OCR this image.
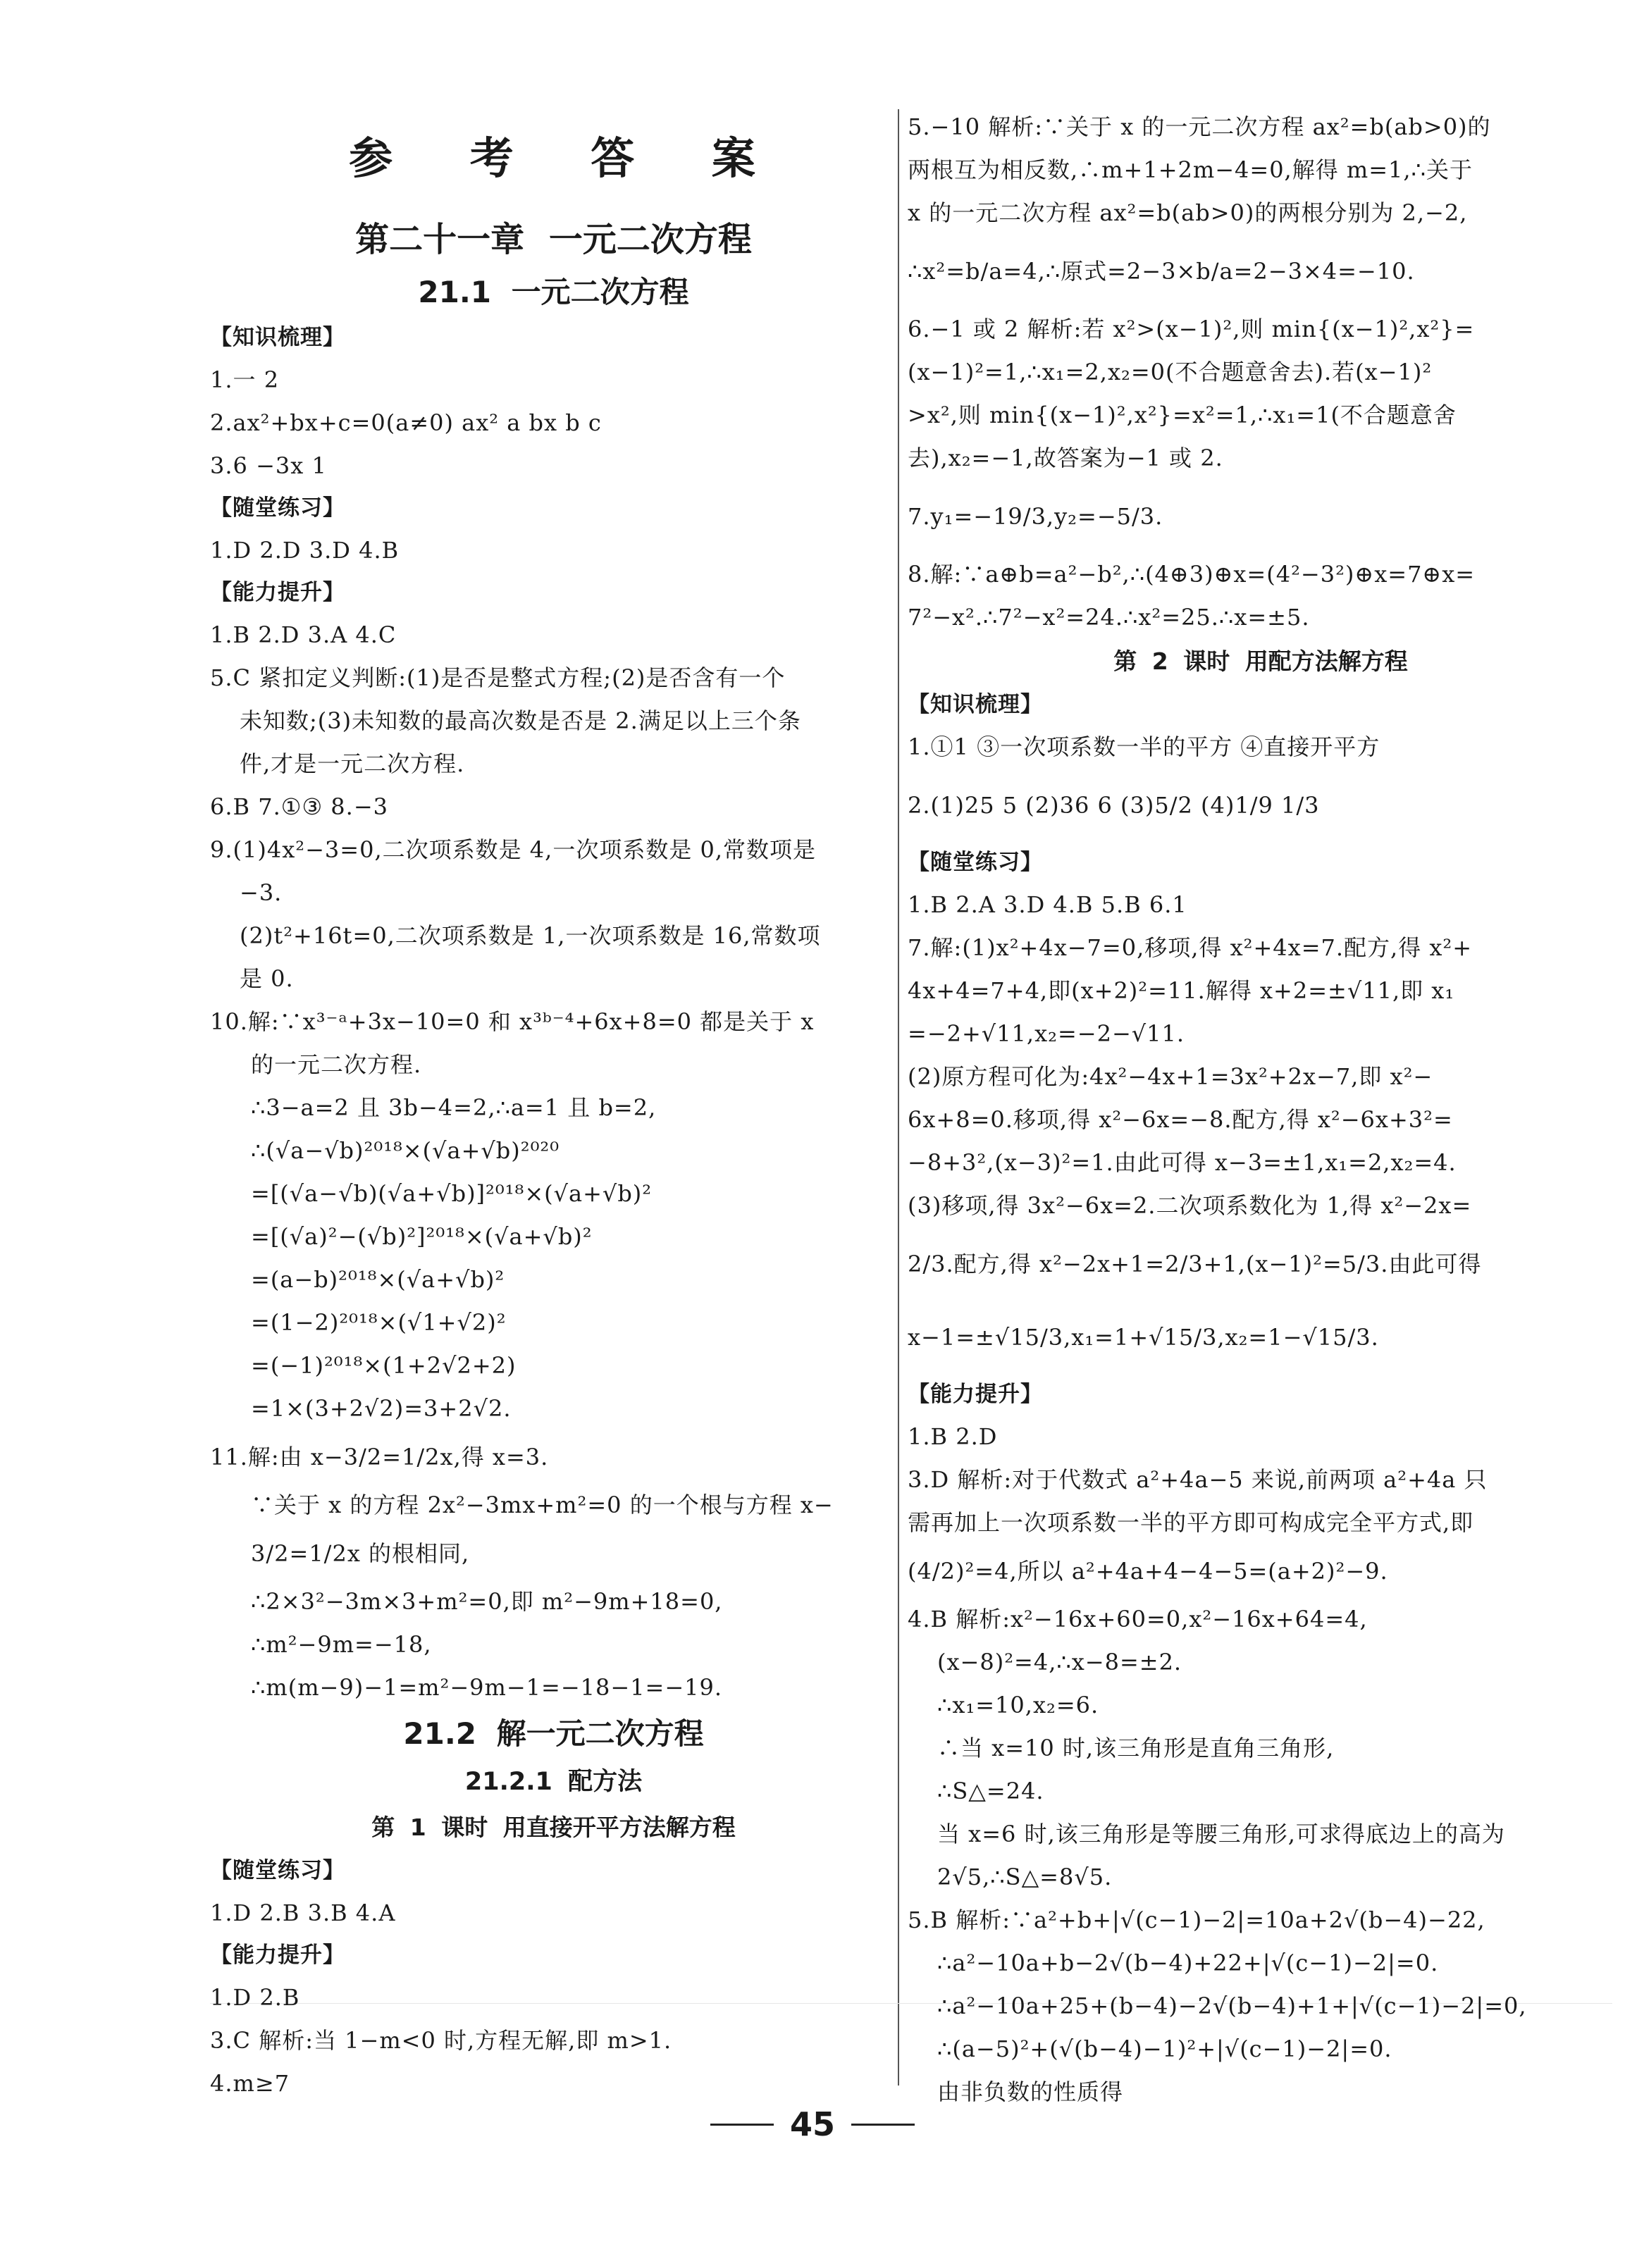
参 考 答 案
第二十一章 一元二次方程
21.1 一元二次方程
【知识梳理】
1.一 2
2.ax²+bx+c=0(a≠0) ax² a bx b c
3.6 −3x 1
【随堂练习】
1.D 2.D 3.D 4.B
【能力提升】
1.B 2.D 3.A 4.C
5.C 紧扣定义判断:(1)是否是整式方程;(2)是否含有一个
未知数;(3)未知数的最高次数是否是 2.满足以上三个条
件,才是一元二次方程.
6.B 7.①③ 8.−3
9.(1)4x²−3=0,二次项系数是 4,一次项系数是 0,常数项是
−3.
(2)t²+16t=0,二次项系数是 1,一次项系数是 16,常数项
是 0.
10.解:∵x³⁻ᵃ+3x−10=0 和 x³ᵇ⁻⁴+6x+8=0 都是关于 x
的一元二次方程.
∴3−a=2 且 3b−4=2,∴a=1 且 b=2,
∴(√a−√b)²⁰¹⁸×(√a+√b)²⁰²⁰
=[(√a−√b)(√a+√b)]²⁰¹⁸×(√a+√b)²
=[(√a)²−(√b)²]²⁰¹⁸×(√a+√b)²
=(a−b)²⁰¹⁸×(√a+√b)²
=(1−2)²⁰¹⁸×(√1+√2)²
=(−1)²⁰¹⁸×(1+2√2+2)
=1×(3+2√2)=3+2√2.
11.解:由 x−3/2=1/2x,得 x=3.
∵关于 x 的方程 2x²−3mx+m²=0 的一个根与方程 x−
3/2=1/2x 的根相同,
∴2×3²−3m×3+m²=0,即 m²−9m+18=0,
∴m²−9m=−18,
∴m(m−9)−1=m²−9m−1=−18−1=−19.
21.2 解一元二次方程
21.2.1 配方法
第 1 课时 用直接开平方法解方程
【随堂练习】
1.D 2.B 3.B 4.A
【能力提升】
1.D 2.B
3.C 解析:当 1−m<0 时,方程无解,即 m>1.
4.m≥7
5.−10 解析:∵关于 x 的一元二次方程 ax²=b(ab>0)的
两根互为相反数,∴m+1+2m−4=0,解得 m=1,∴关于
x 的一元二次方程 ax²=b(ab>0)的两根分别为 2,−2,
∴x²=b/a=4,∴原式=2−3×b/a=2−3×4=−10.
6.−1 或 2 解析:若 x²>(x−1)²,则 min{(x−1)²,x²}=
(x−1)²=1,∴x₁=2,x₂=0(不合题意舍去).若(x−1)²
>x²,则 min{(x−1)²,x²}=x²=1,∴x₁=1(不合题意舍
去),x₂=−1,故答案为−1 或 2.
7.y₁=−19/3,y₂=−5/3.
8.解:∵a⊕b=a²−b²,∴(4⊕3)⊕x=(4²−3²)⊕x=7⊕x=
7²−x².∴7²−x²=24.∴x²=25.∴x=±5.
第 2 课时 用配方法解方程
【知识梳理】
1.①1 ③一次项系数一半的平方 ④直接开平方
2.(1)25 5 (2)36 6 (3)5/2 (4)1/9 1/3
【随堂练习】
1.B 2.A 3.D 4.B 5.B 6.1
7.解:(1)x²+4x−7=0,移项,得 x²+4x=7.配方,得 x²+
4x+4=7+4,即(x+2)²=11.解得 x+2=±√11,即 x₁
=−2+√11,x₂=−2−√11.
(2)原方程可化为:4x²−4x+1=3x²+2x−7,即 x²−
6x+8=0.移项,得 x²−6x=−8.配方,得 x²−6x+3²=
−8+3²,(x−3)²=1.由此可得 x−3=±1,x₁=2,x₂=4.
(3)移项,得 3x²−6x=2.二次项系数化为 1,得 x²−2x=
2/3.配方,得 x²−2x+1=2/3+1,(x−1)²=5/3.由此可得
x−1=±√15/3,x₁=1+√15/3,x₂=1−√15/3.
【能力提升】
1.B 2.D
3.D 解析:对于代数式 a²+4a−5 来说,前两项 a²+4a 只
需再加上一次项系数一半的平方即可构成完全平方式,即
(4/2)²=4,所以 a²+4a+4−4−5=(a+2)²−9.
4.B 解析:x²−16x+60=0,x²−16x+64=4,
(x−8)²=4,∴x−8=±2.
∴x₁=10,x₂=6.
∴当 x=10 时,该三角形是直角三角形,
∴S△=24.
当 x=6 时,该三角形是等腰三角形,可求得底边上的高为
2√5,∴S△=8√5.
5.B 解析:∵a²+b+|√(c−1)−2|=10a+2√(b−4)−22,
∴a²−10a+b−2√(b−4)+22+|√(c−1)−2|=0.
∴a²−10a+25+(b−4)−2√(b−4)+1+|√(c−1)−2|=0,
∴(a−5)²+(√(b−4)−1)²+|√(c−1)−2|=0.
由非负数的性质得
45
